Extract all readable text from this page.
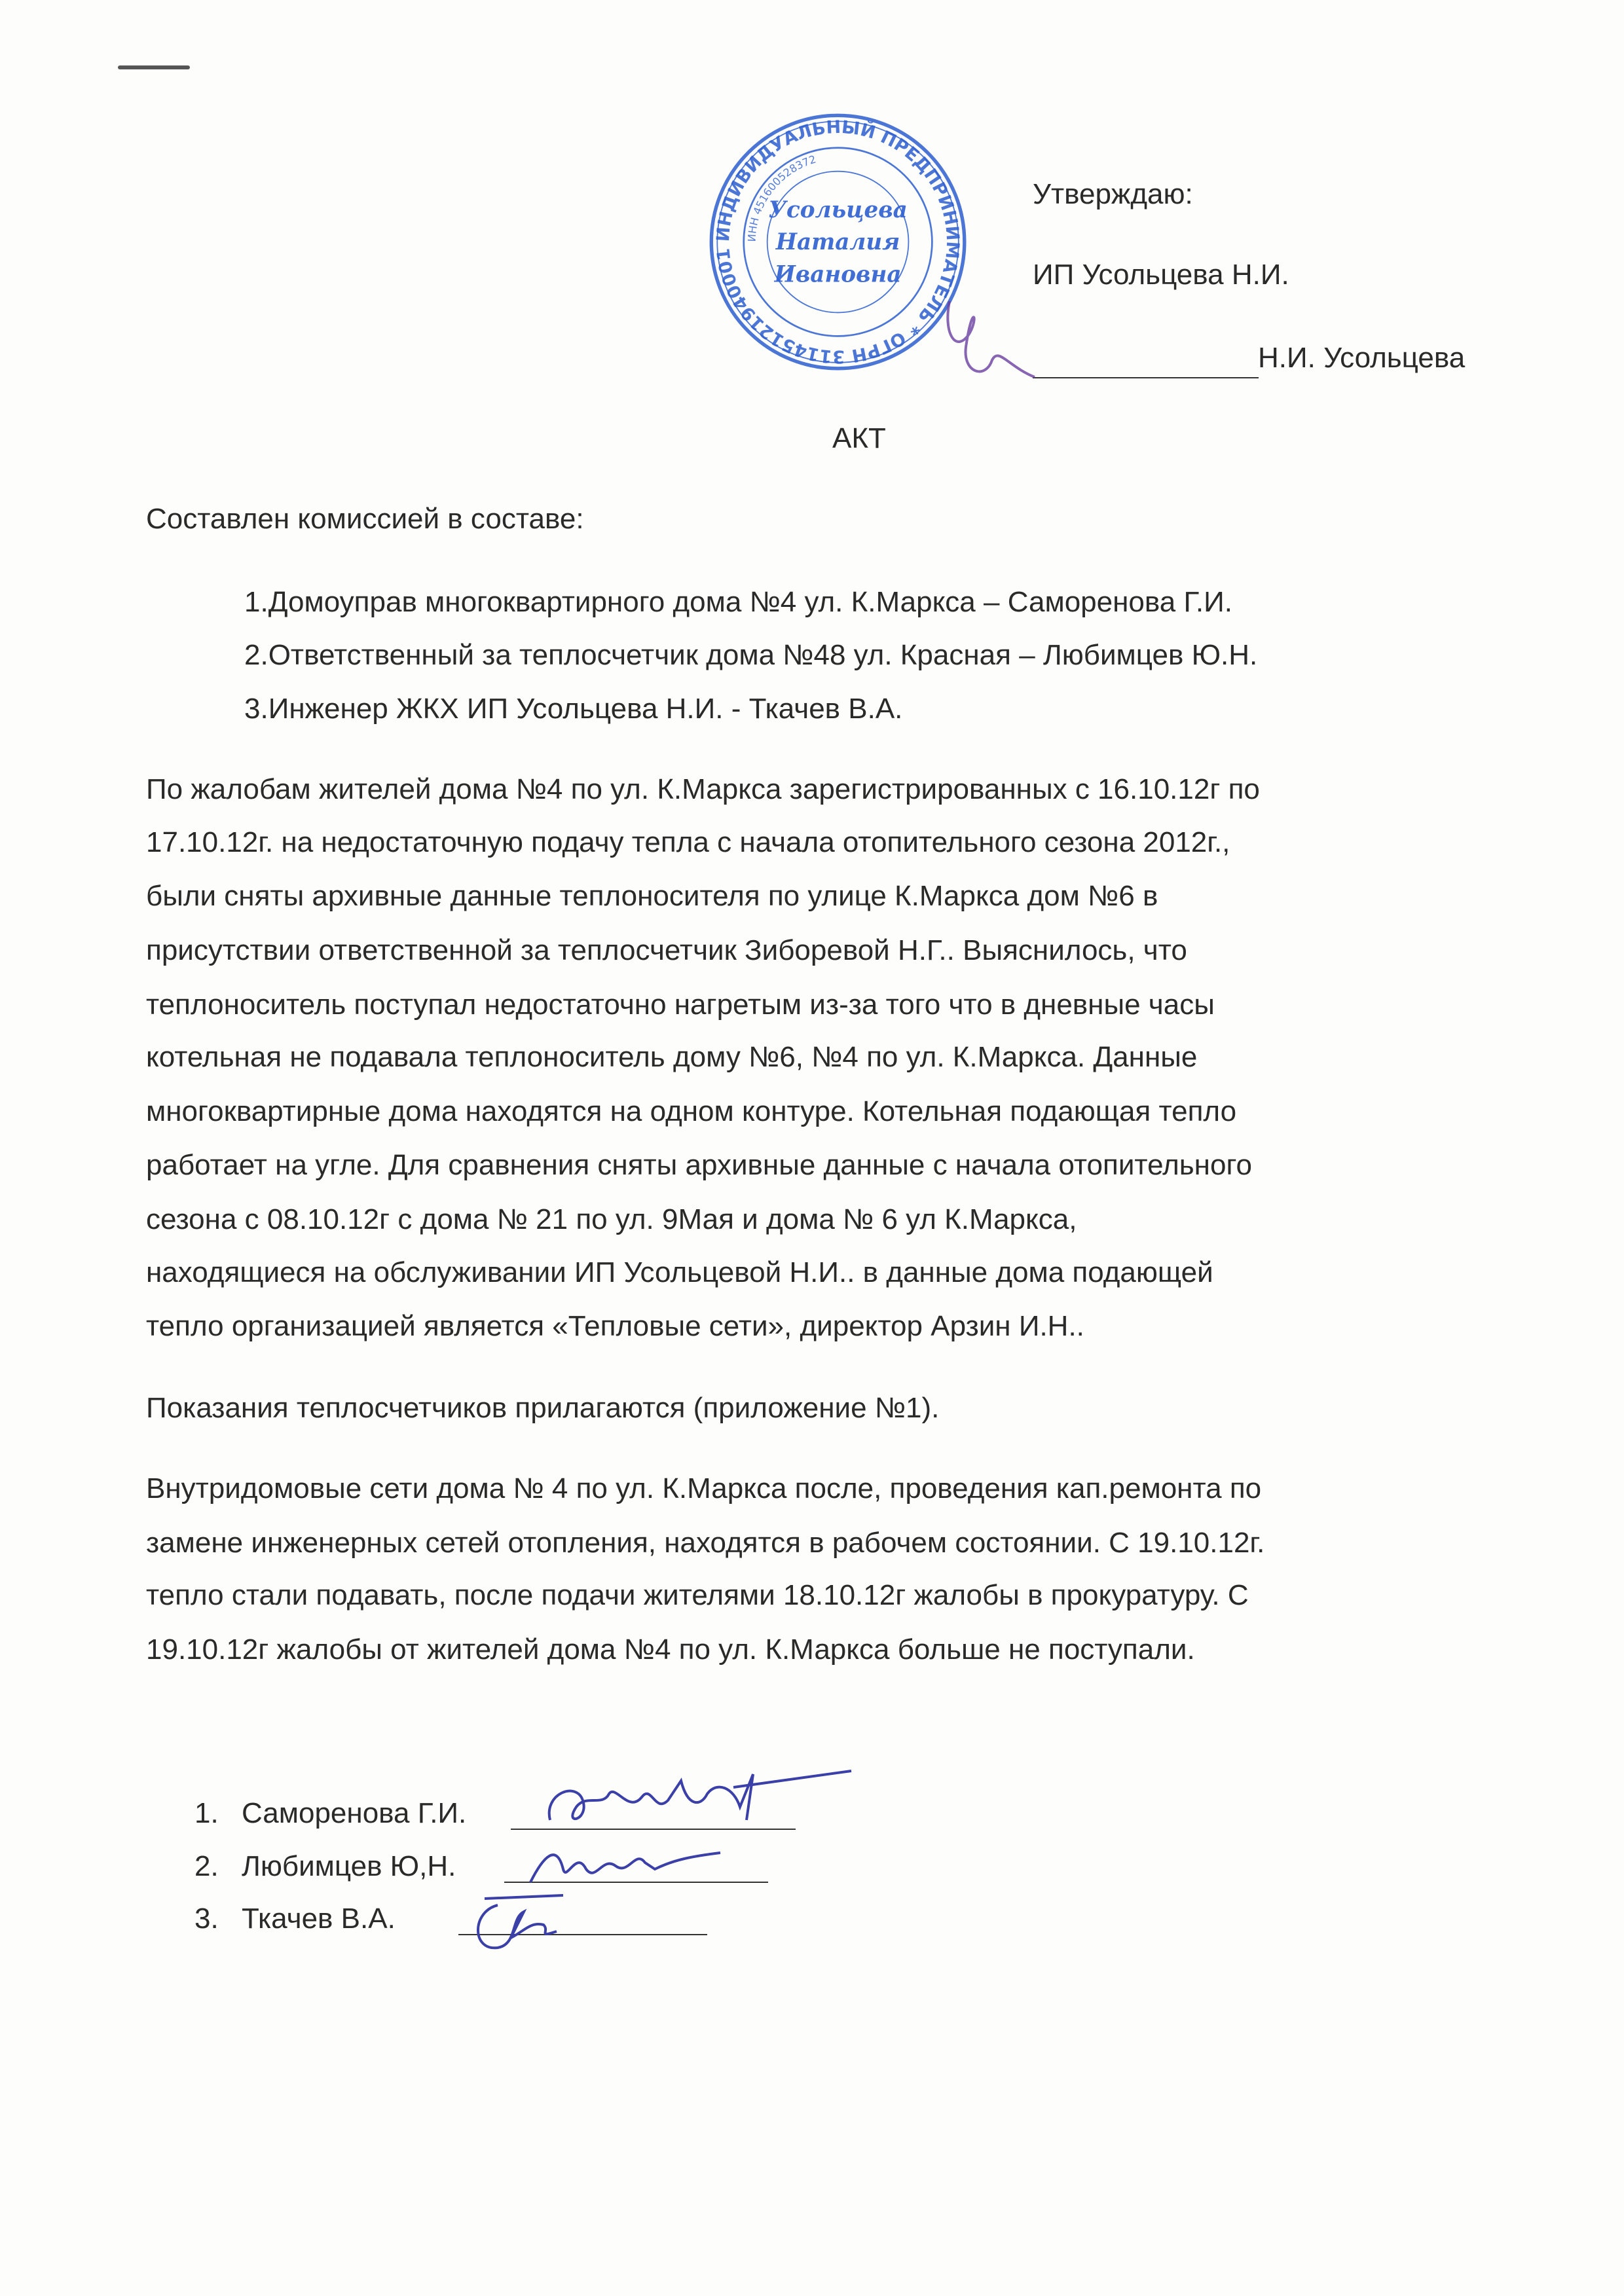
Утверждаю:
ИП Усольцева Н.И.
Н.И. Усольцева
ИНДИВИДУАЛЬНЫЙ ПРЕДПРИНИМАТЕЛЬ * ОГРН 311451219400014
ИНН 451600528372
Усольцева
Наталия
Ивановна
АКТ
Составлен комиссией в составе:
1.Домоуправ многоквартирного дома №4 ул. К.Маркса – Саморенова Г.И.
2.Ответственный за теплосчетчик дома №48 ул. Красная – Любимцев Ю.Н.
3.Инженер ЖКХ ИП Усольцева Н.И. - Ткачев В.А.
По жалобам жителей дома №4 по ул. К.Маркса зарегистрированных с 16.10.12г по
17.10.12г. на недостаточную подачу тепла с начала отопительного сезона 2012г.,
были сняты архивные данные теплоносителя по улице К.Маркса дом №6 в
присутствии ответственной за теплосчетчик Зиборевой Н.Г.. Выяснилось, что
теплоноситель поступал недостаточно нагретым из-за того что в дневные часы
котельная не подавала теплоноситель дому №6, №4 по ул. К.Маркса. Данные
многоквартирные дома находятся на одном контуре. Котельная подающая тепло
работает на угле. Для сравнения сняты архивные данные с начала отопительного
сезона с 08.10.12г с дома № 21 по ул. 9Мая и дома № 6 ул К.Маркса,
находящиеся на обслуживании ИП Усольцевой Н.И.. в данные дома подающей
тепло организацией является «Тепловые сети», директор Арзин И.Н..
Показания теплосчетчиков прилагаются (приложение №1).
Внутридомовые сети дома № 4 по ул. К.Маркса после, проведения кап.ремонта по
замене инженерных сетей отопления, находятся в рабочем состоянии. С 19.10.12г.
тепло стали подавать, после подачи жителями 18.10.12г жалобы в прокуратуру. С
19.10.12г жалобы от жителей дома №4 по ул. К.Маркса больше не поступали.
1. Саморенова Г.И.
2. Любимцев Ю,Н.
3. Ткачев В.А.
